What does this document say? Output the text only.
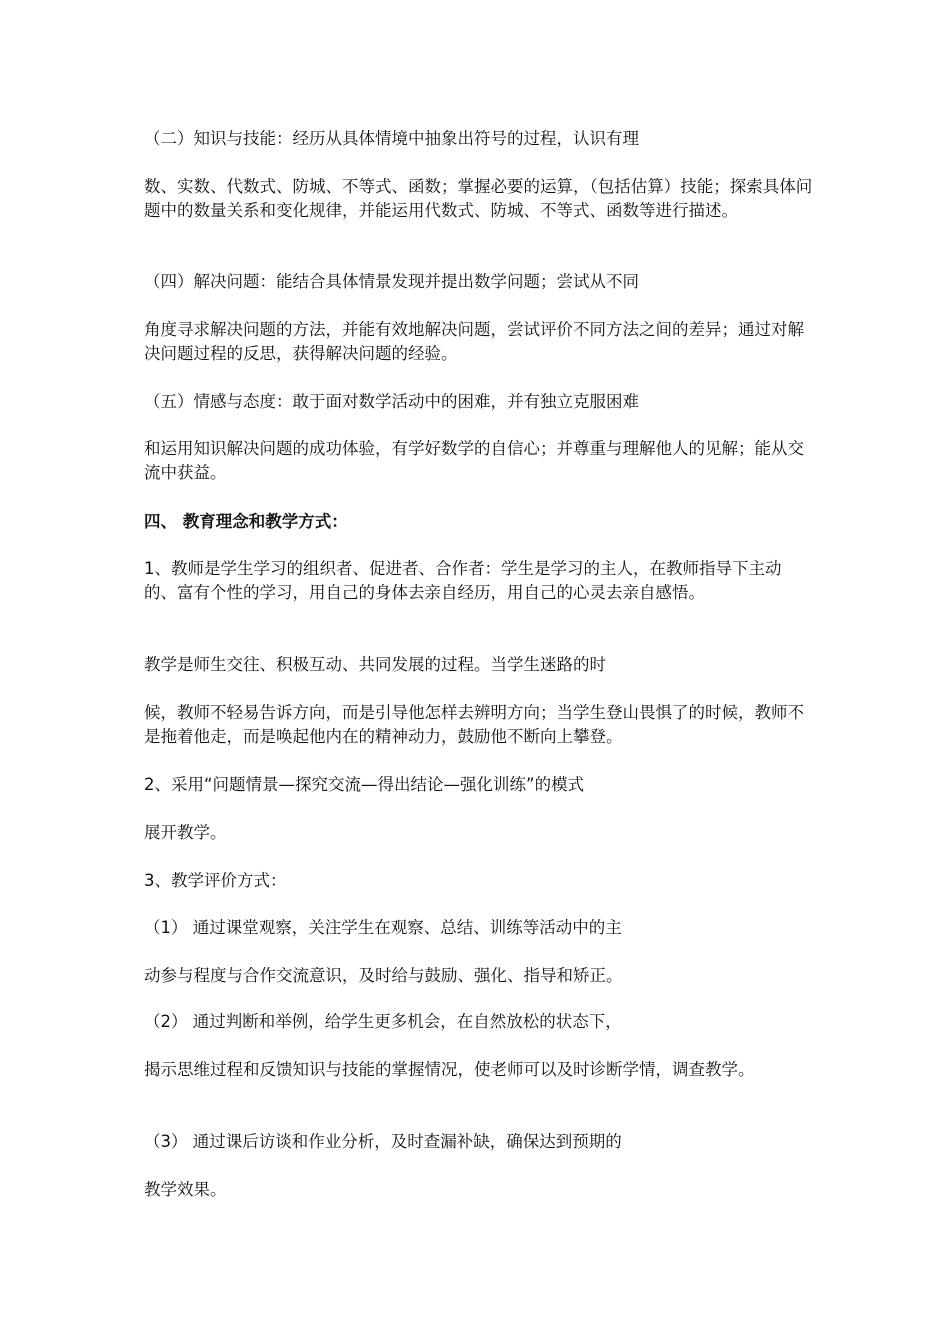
（二）知识与技能：经历从具体情境中抽象出符号的过程，认识有理

数、实数、代数式、防城、不等式、函数；掌握必要的运算，（包括估算）技能；探索具体问题中的数量关系和变化规律，并能运用代数式、防城、不等式、函数等进行描述。

（四）解决问题：能结合具体情景发现并提出数学问题；尝试从不同

角度寻求解决问题的方法，并能有效地解决问题，尝试评价不同方法之间的差异；通过对解决问题过程的反思，获得解决问题的经验。

（五）情感与态度：敢于面对数学活动中的困难，并有独立克服困难

和运用知识解决问题的成功体验，有学好数学的自信心；并尊重与理解他人的见解；能从交流中获益。

四、 教育理念和教学方式：

1、教师是学生学习的组织者、促进者、合作者：学生是学习的主人，在教师指导下主动的、富有个性的学习，用自己的身体去亲自经历，用自己的心灵去亲自感悟。

教学是师生交往、积极互动、共同发展的过程。当学生迷路的时

候，教师不轻易告诉方向，而是引导他怎样去辨明方向；当学生登山畏惧了的时候，教师不是拖着他走，而是唤起他内在的精神动力，鼓励他不断向上攀登。

2、采用“问题情景—探究交流—得出结论—强化训练”的模式

展开教学。

3、教学评价方式：

（1） 通过课堂观察，关注学生在观察、总结、训练等活动中的主

动参与程度与合作交流意识，及时给与鼓励、强化、指导和矫正。

（2） 通过判断和举例，给学生更多机会，在自然放松的状态下，

揭示思维过程和反馈知识与技能的掌握情况，使老师可以及时诊断学情，调查教学。

（3） 通过课后访谈和作业分析，及时查漏补缺，确保达到预期的

教学效果。
